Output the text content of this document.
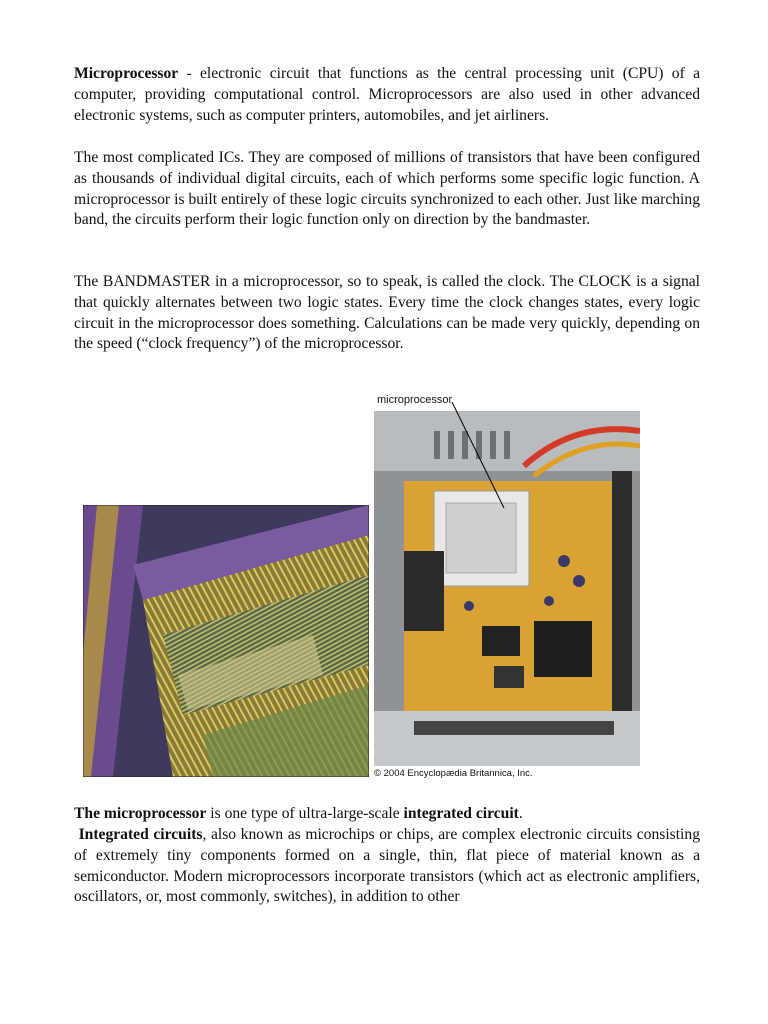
Microprocessor - electronic circuit that functions as the central processing unit (CPU) of a computer, providing computational control. Microprocessors are also used in other advanced electronic systems, such as computer printers, automobiles, and jet airliners.

The most complicated ICs. They are composed of millions of transistors that have been configured as thousands of individual digital circuits, each of which performs some specific logic function. A microprocessor is built entirely of these logic circuits synchronized to each other. Just like marching band, the circuits perform their logic function only on direction by the bandmaster.

The BANDMASTER in a microprocessor, so to speak, is called the clock. The CLOCK is a signal that quickly alternates between two logic states. Every time the clock changes states, every logic circuit in the microprocessor does something. Calculations can be made very quickly, depending on the speed (“clock frequency”) of the microprocessor.

microprocessor
© 2004 Encyclopædia Britannica, Inc.

The microprocessor is one type of ultra-large-scale integrated circuit.

Integrated circuits, also known as microchips or chips, are complex electronic circuits consisting of extremely tiny components formed on a single, thin, flat piece of material known as a semiconductor. Modern microprocessors incorporate transistors (which act as electronic amplifiers, oscillators, or, most commonly, switches), in addition to other
